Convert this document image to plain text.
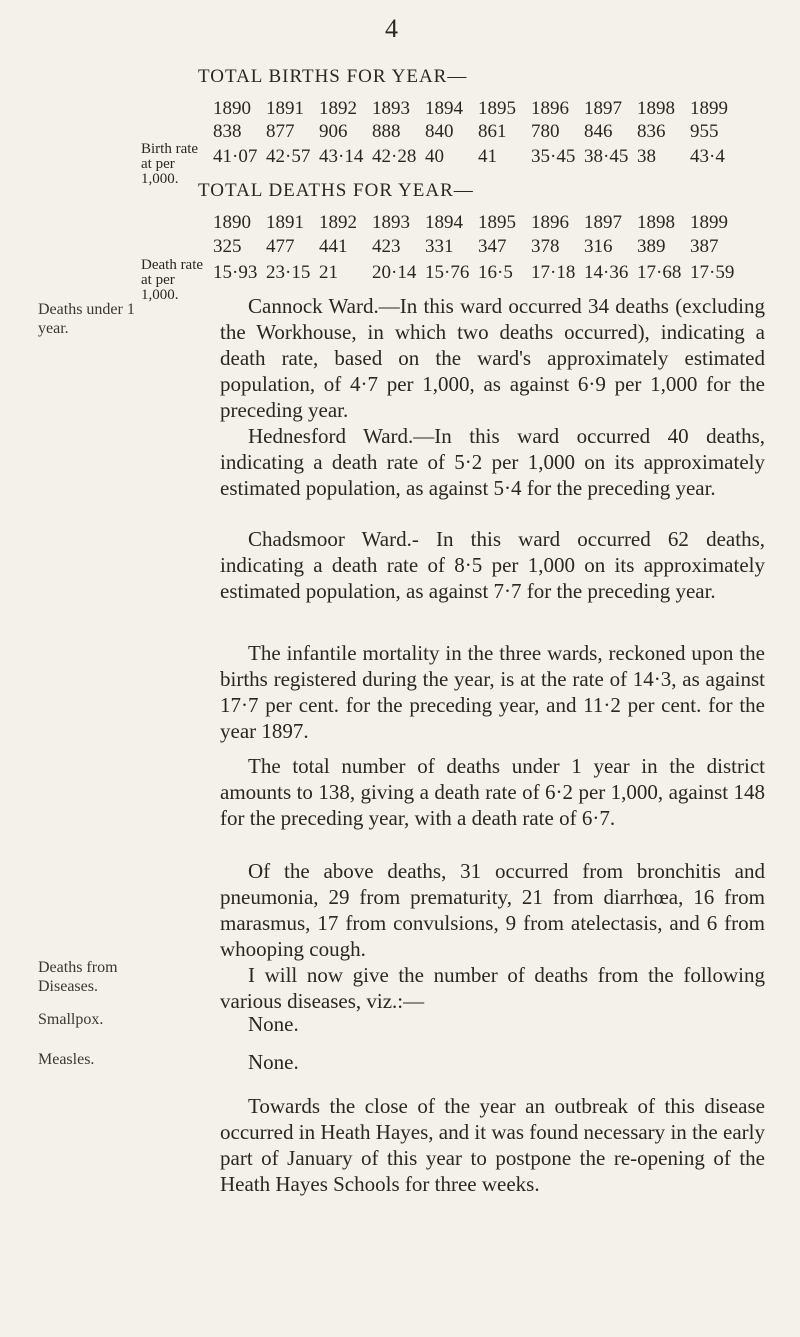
4
TOTAL BIRTHS FOR YEAR—
1890 1891 1892 1893 1894 1895 1896 1897 1898 1899
838 877 906 888 840 861 780 846 836 955
Birth rate at per 1,000.
41·07 42·57 43·14 42·28 40 41 35·45 38·45 38 43·4
TOTAL DEATHS FOR YEAR—
1890 1891 1892 1893 1894 1895 1896 1897 1898 1899
325 477 441 423 331 347 378 316 389 387
Death rate at per 1,000.
15·93 23·15 21 20·14 15·76 16·5 17·18 14·36 17·68 17·59
Deaths under 1 year.
Deaths from Diseases.
Smallpox.
Measles.

Cannock Ward.—In this ward occurred 34 deaths (excluding the Workhouse, in which two deaths occurred), indicating a death rate, based on the ward's approximately estimated population, of 4·7 per 1,000, as against 6·9 per 1,000 for the preceding year.

Hednesford Ward.—In this ward occurred 40 deaths, indicating a death rate of 5·2 per 1,000 on its approximately estimated population, as against 5·4 for the preceding year.

Chadsmoor Ward.- In this ward occurred 62 deaths, indicating a death rate of 8·5 per 1,000 on its approximately estimated population, as against 7·7 for the preceding year.

The infantile mortality in the three wards, reckoned upon the births registered during the year, is at the rate of 14·3, as against 17·7 per cent. for the preceding year, and 11·2 per cent. for the year 1897.

The total number of deaths under 1 year in the district amounts to 138, giving a death rate of 6·2 per 1,000, against 148 for the preceding year, with a death rate of 6·7.

Of the above deaths, 31 occurred from bronchitis and pneumonia, 29 from prematurity, 21 from diarrhœa, 16 from marasmus, 17 from convulsions, 9 from atelectasis, and 6 from whooping cough.

I will now give the number of deaths from the following various diseases, viz.:—

None.
None.

Towards the close of the year an outbreak of this disease occurred in Heath Hayes, and it was found necessary in the early part of January of this year to postpone the re-opening of the Heath Hayes Schools for three weeks.
